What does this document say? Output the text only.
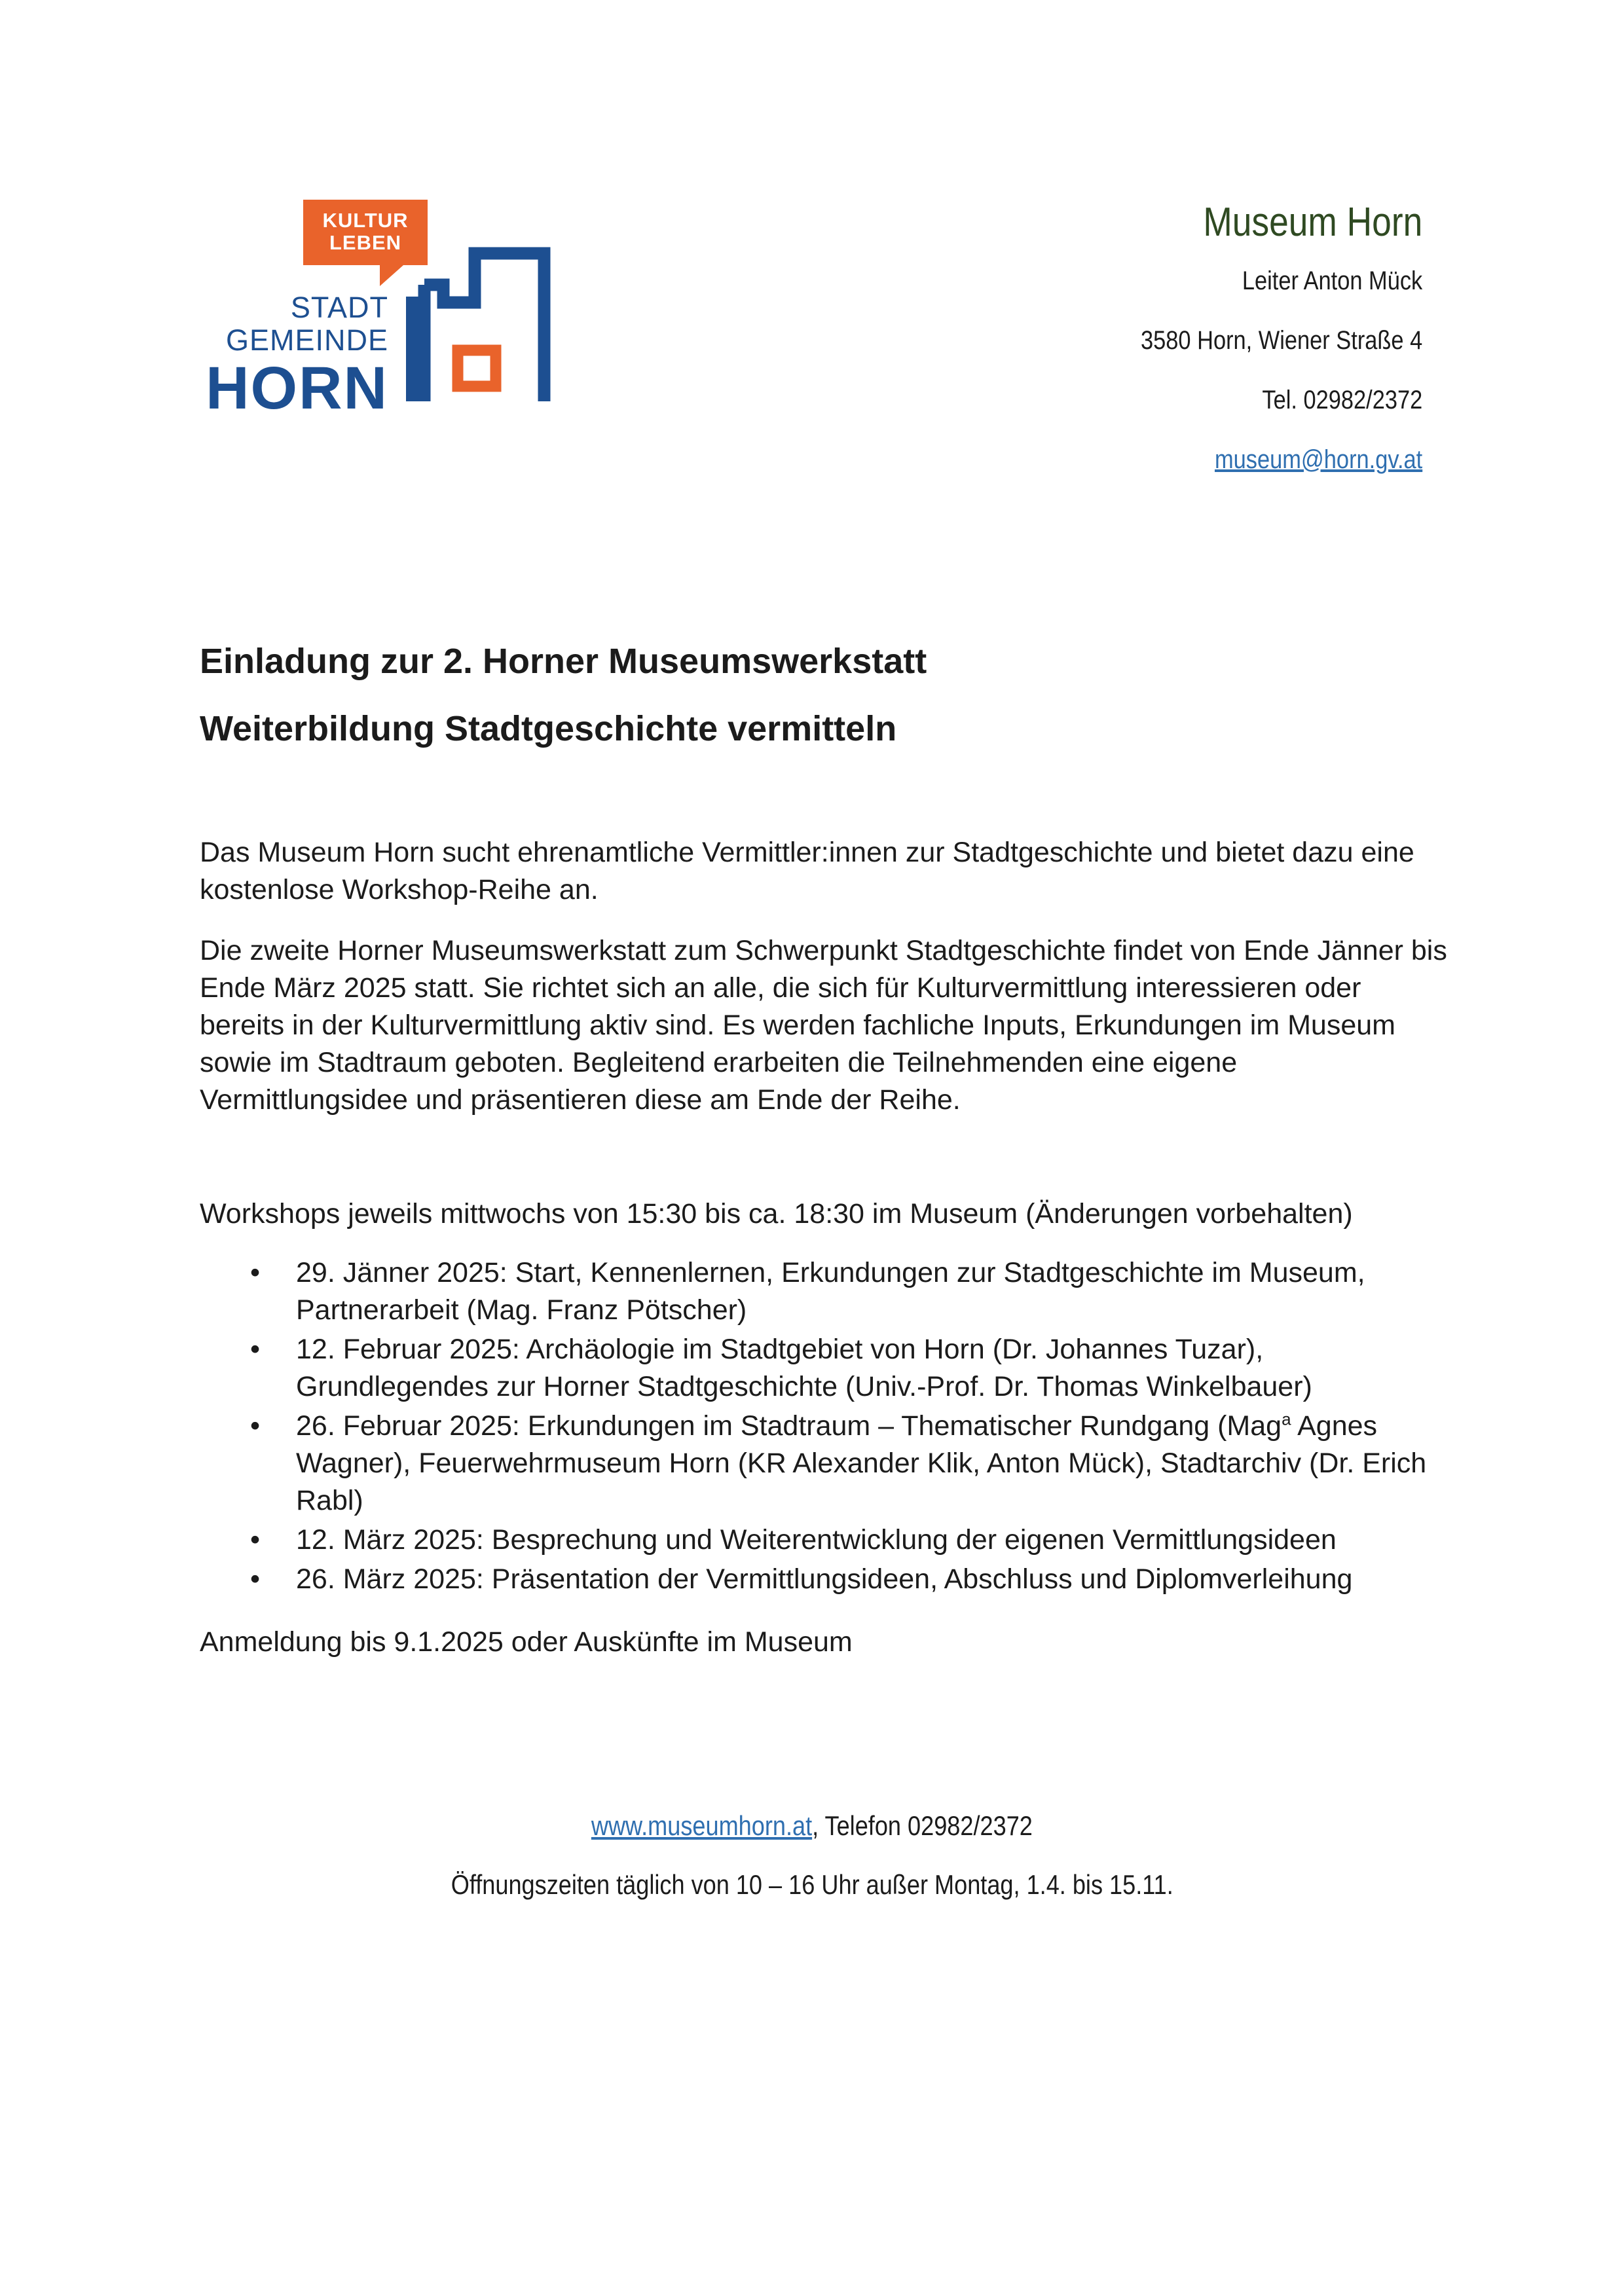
KULTUR
LEBEN
STADT
GEMEINDE
HORN
Museum Horn
Leiter Anton Mück
3580 Horn, Wiener Straße 4
Tel. 02982/2372
museum@horn.gv.at
Einladung zur 2. Horner Museumswerkstatt
Weiterbildung Stadtgeschichte vermitteln

Das Museum Horn sucht ehrenamtliche Vermittler:innen zur Stadtgeschichte und bietet dazu eine kostenlose Workshop-Reihe an.

Die zweite Horner Museumswerkstatt zum Schwerpunkt Stadtgeschichte findet von Ende Jänner bis Ende März 2025 statt. Sie richtet sich an alle, die sich für Kulturvermittlung interessieren oder bereits in der Kulturvermittlung aktiv sind. Es werden fachliche Inputs, Erkundungen im Museum sowie im Stadtraum geboten. Begleitend erarbeiten die Teilnehmenden eine eigene Vermittlungsidee und präsentieren diese am Ende der Reihe.

Workshops jeweils mittwochs von 15:30 bis ca. 18:30 im Museum (Änderungen vorbehalten)

• 29. Jänner 2025: Start, Kennenlernen, Erkundungen zur Stadtgeschichte im Museum, Partnerarbeit (Mag. Franz Pötscher)
• 12. Februar 2025: Archäologie im Stadtgebiet von Horn (Dr. Johannes Tuzar), Grundlegendes zur Horner Stadtgeschichte (Univ.-Prof. Dr. Thomas Winkelbauer)
• 26. Februar 2025: Erkundungen im Stadtraum – Thematischer Rundgang (Mag$^a$ Agnes Wagner), Feuerwehrmuseum Horn (KR Alexander Klik, Anton Mück), Stadtarchiv (Dr. Erich Rabl)
• 12. März 2025: Besprechung und Weiterentwicklung der eigenen Vermittlungsideen
• 26. März 2025: Präsentation der Vermittlungsideen, Abschluss und Diplomverleihung

Anmeldung bis 9.1.2025 oder Auskünfte im Museum

www.museumhorn.at, Telefon 02982/2372
Öffnungszeiten täglich von 10 – 16 Uhr außer Montag, 1.4. bis 15.11.
